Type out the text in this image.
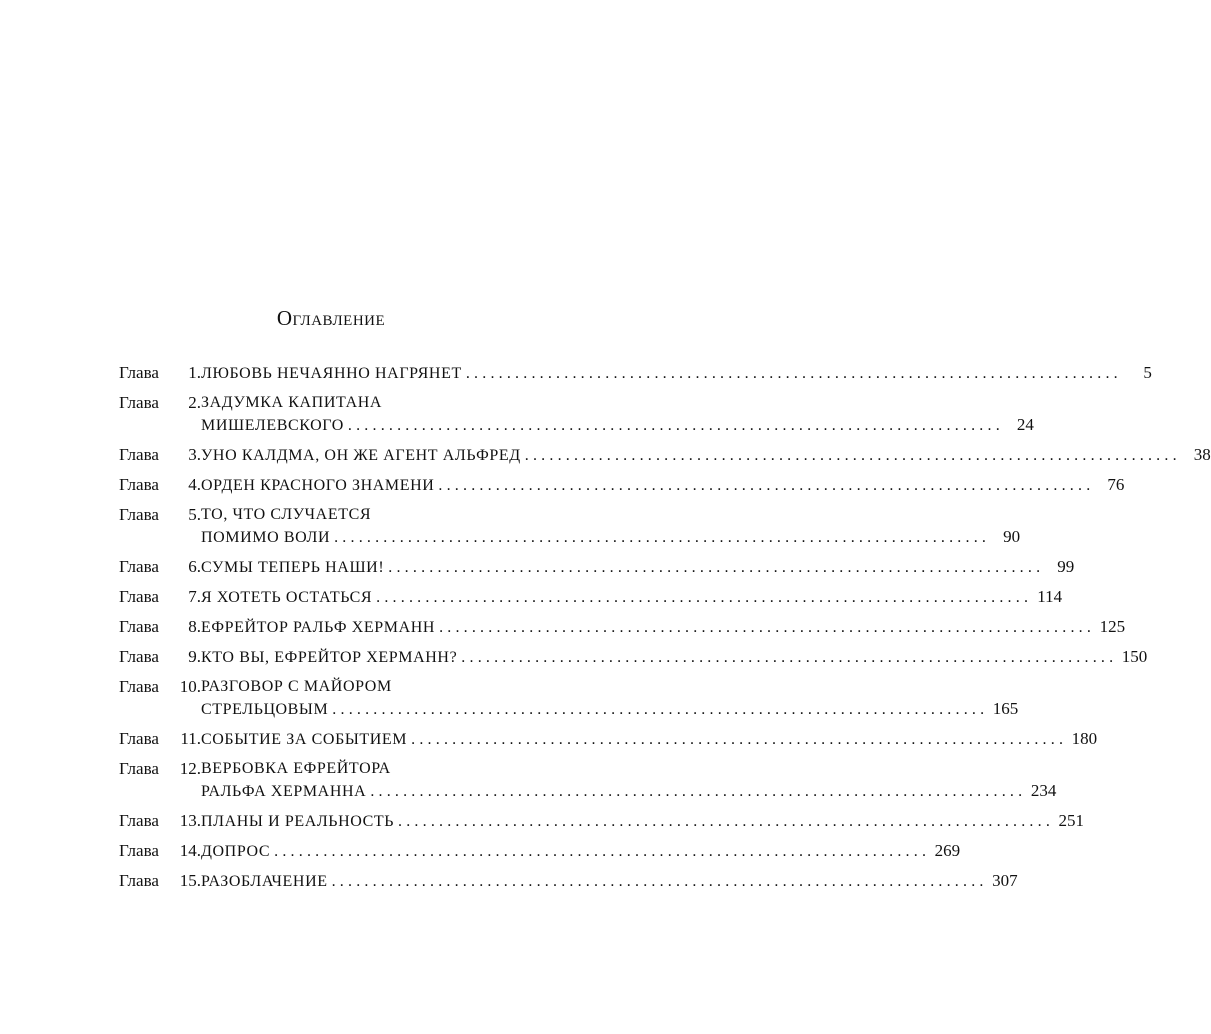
Оглавление
Глава 1. ЛЮБОВЬ НЕЧАЯННО НАГРЯНЕТ ................................................................................	5
Глава 2. ЗАДУМКА КАПИТАНА
МИШЕЛЕВСКОГО ................................................................................ 24
Глава 3. УНО КАЛДМА, ОН ЖЕ АГЕНТ АЛЬФРЕД ................................................................................ 38
Глава 4. ОРДЕН КРАСНОГО ЗНАМЕНИ ................................................................................ 76
Глава 5. ТО, ЧТО СЛУЧАЕТСЯ
ПОМИМО ВОЛИ ................................................................................ 90
Глава 6. СУМЫ ТЕПЕРЬ НАШИ! ................................................................................ 99
Глава 7. Я ХОТЕТЬ ОСТАТЬСЯ ................................................................................ 114
Глава 8. ЕФРЕЙТОР РАЛЬФ ХЕРМАНН ................................................................................ 125
Глава 9. КТО ВЫ, ЕФРЕЙТОР ХЕРМАНН? ................................................................................ 150
Глава 10. РАЗГОВОР С МАЙОРОМ
СТРЕЛЬЦОВЫМ ................................................................................ 165
Глава 11. СОБЫТИЕ ЗА СОБЫТИЕМ ................................................................................ 180
Глава 12. ВЕРБОВКА ЕФРЕЙТОРА
РАЛЬФА ХЕРМАННА ................................................................................ 234
Глава 13. ПЛАНЫ И РЕАЛЬНОСТЬ ................................................................................ 251
Глава 14. ДОПРОС ................................................................................ 269
Глава 15. РАЗОБЛАЧЕНИЕ ................................................................................ 307
